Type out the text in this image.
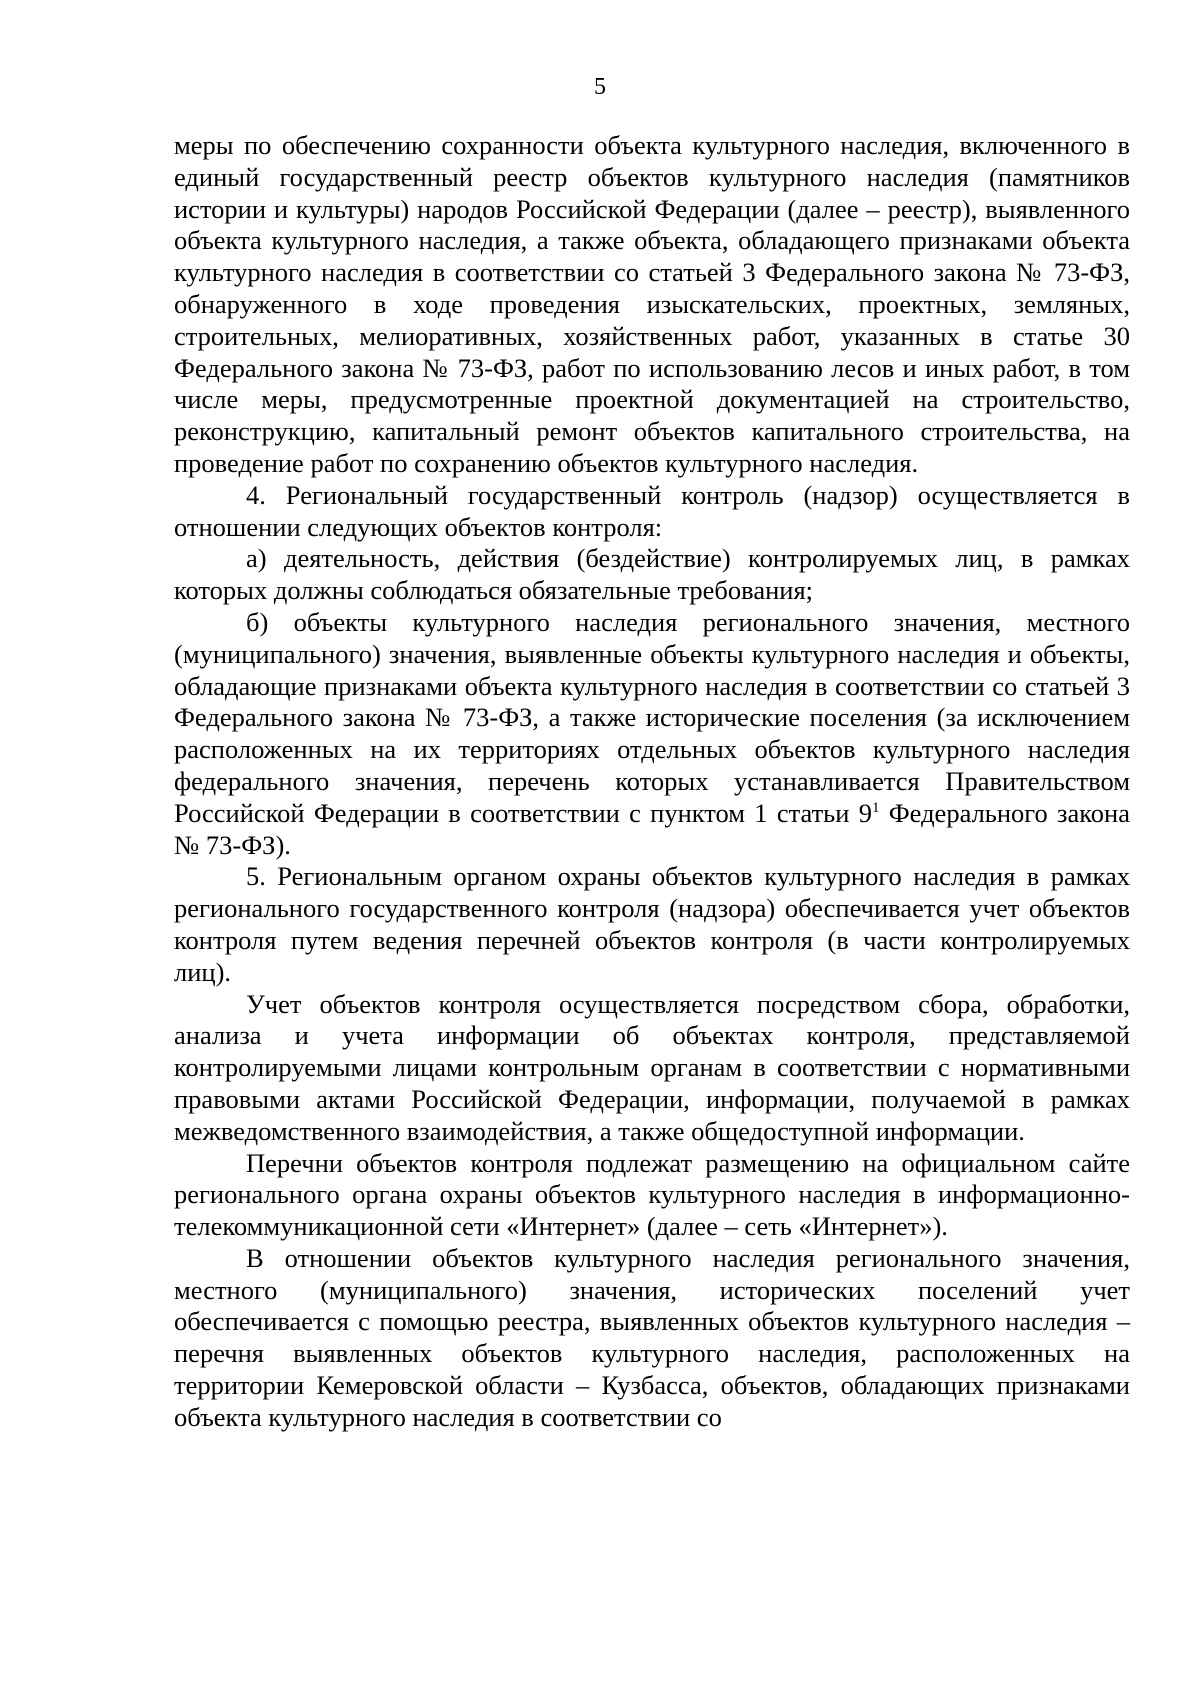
5

меры по обеспечению сохранности объекта культурного наследия, включенного в единый государственный реестр объектов культурного наследия (памятников истории и культуры) народов Российской Федерации (далее – реестр), выявленного объекта культурного наследия, а также объекта, обладающего признаками объекта культурного наследия в соответствии со статьей 3 Федерального закона № 73-ФЗ, обнаруженного в ходе проведения изыскательских, проектных, земляных, строительных, мелиоративных, хозяйственных работ, указанных в статье 30 Федерального закона № 73-ФЗ, работ по использованию лесов и иных работ, в том числе меры, предусмотренные проектной документацией на строительство, реконструкцию, капитальный ремонт объектов капитального строительства, на проведение работ по сохранению объектов культурного наследия.

4. Региональный государственный контроль (надзор) осуществляется в отношении следующих объектов контроля:

а) деятельность, действия (бездействие) контролируемых лиц, в рамках которых должны соблюдаться обязательные требования;

б) объекты культурного наследия регионального значения, местного (муниципального) значения, выявленные объекты культурного наследия и объекты, обладающие признаками объекта культурного наследия в соответствии со статьей 3 Федерального закона № 73-ФЗ, а также исторические поселения (за исключением расположенных на их территориях отдельных объектов культурного наследия федерального значения, перечень которых устанавливается Правительством Российской Федерации в соответствии с пунктом 1 статьи $9^1$ Федерального закона № 73-ФЗ).

5. Региональным органом охраны объектов культурного наследия в рамках регионального государственного контроля (надзора) обеспечивается учет объектов контроля путем ведения перечней объектов контроля (в части контролируемых лиц).

Учет объектов контроля осуществляется посредством сбора, обработки, анализа и учета информации об объектах контроля, представляемой контролируемыми лицами контрольным органам в соответствии с нормативными правовыми актами Российской Федерации, информации, получаемой в рамках межведомственного взаимодействия, а также общедоступной информации.

Перечни объектов контроля подлежат размещению на официальном сайте регионального органа охраны объектов культурного наследия в информационно-телекоммуникационной сети «Интернет» (далее – сеть «Интернет»).

В отношении объектов культурного наследия регионального значения, местного (муниципального) значения, исторических поселений учет обеспечивается с помощью реестра, выявленных объектов культурного наследия – перечня выявленных объектов культурного наследия, расположенных на территории Кемеровской области – Кузбасса, объектов, обладающих признаками объекта культурного наследия в соответствии со
